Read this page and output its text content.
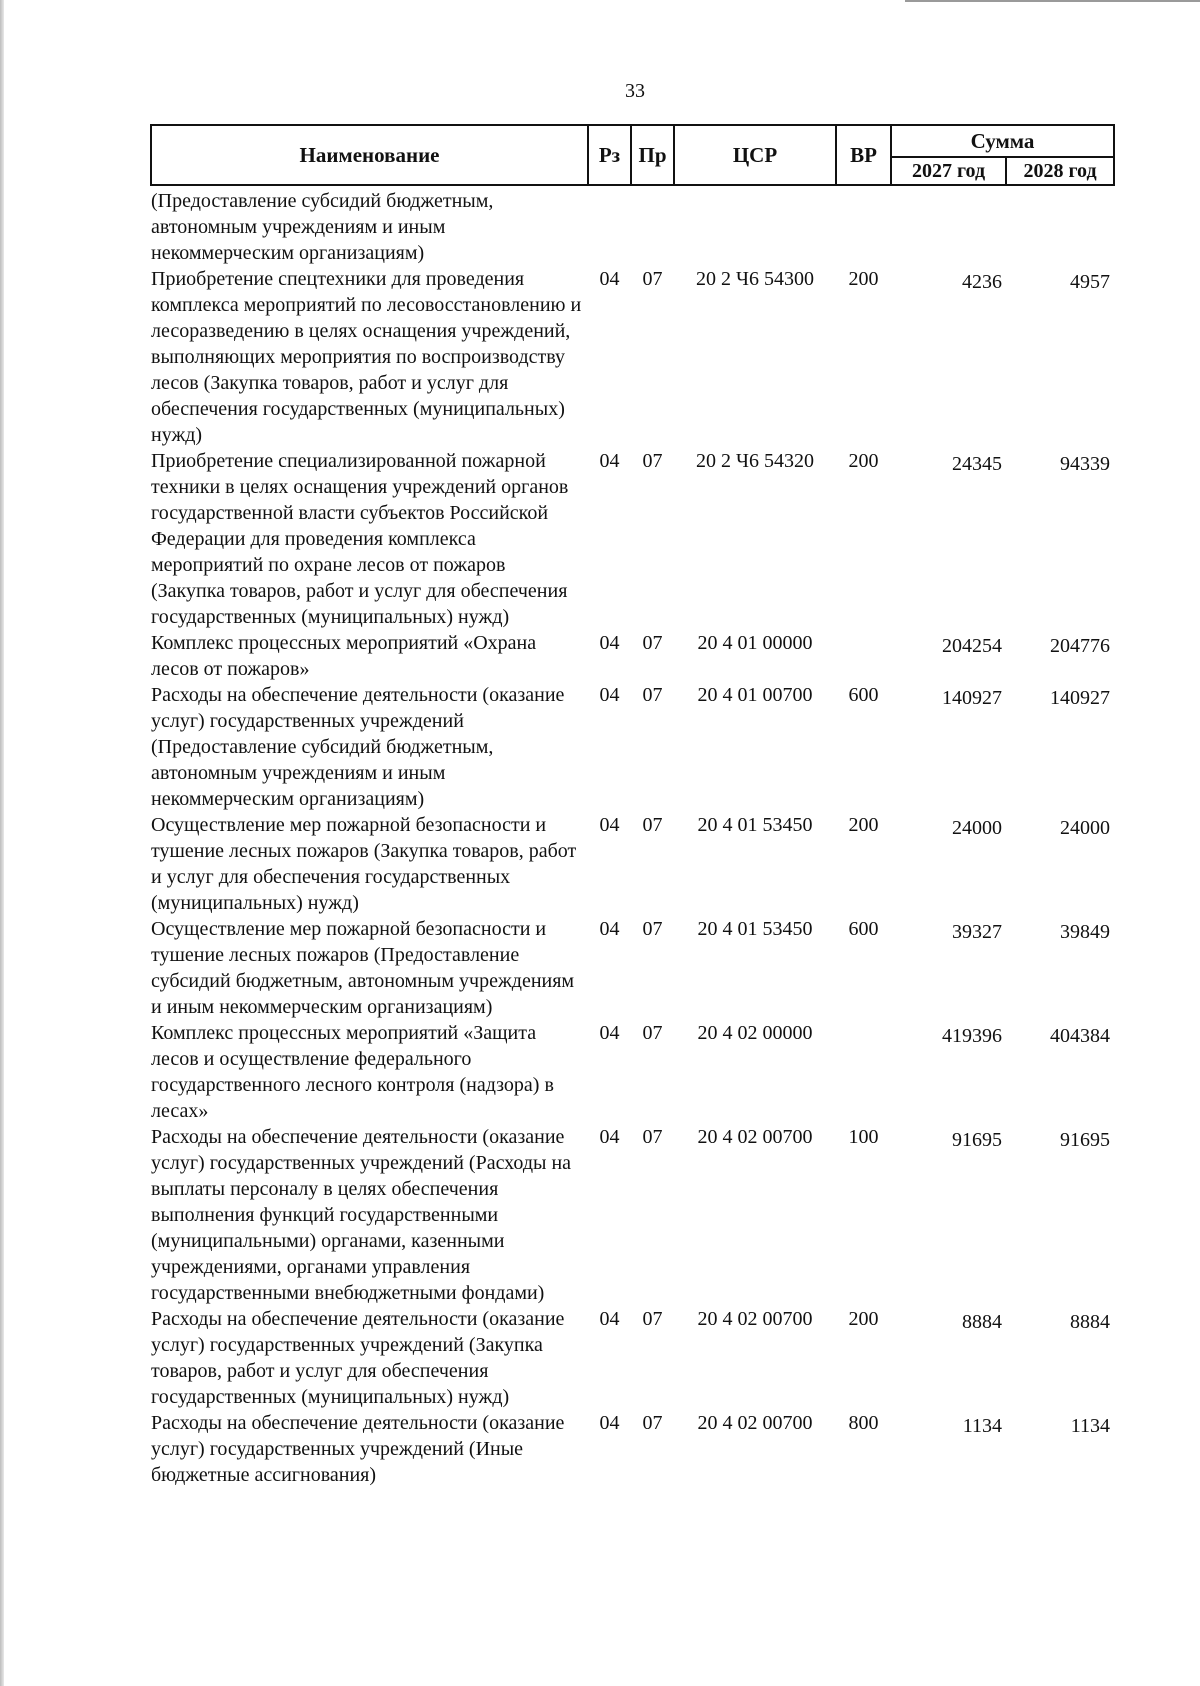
33
Наименование	Рз	Пр	ЦСР	ВР	Сумма	
					2027 год	2028 год
(Предоставление субсидий бюджетным, автономным учреждениям и иным некоммерческим организациям)						
Приобретение спецтехники для проведения комплекса мероприятий по лесовосстановлению и лесоразведению в целях оснащения учреждений, выполняющих мероприятия по воспроизводству лесов (Закупка товаров, работ и услуг для обеспечения государственных (муниципальных) нужд)	04	07	20 2 Ч6 54300	200	4236	4957
Приобретение специализированной пожарной техники в целях оснащения учреждений органов государственной власти субъектов Российской Федерации для проведения комплекса мероприятий по охране лесов от пожаров (Закупка товаров, работ и услуг для обеспечения государственных (муниципальных) нужд)	04	07	20 2 Ч6 54320	200	24345	94339
Комплекс процессных мероприятий «Охрана лесов от пожаров»	04	07	20 4 01 00000		204254	204776
Расходы на обеспечение деятельности (оказание услуг) государственных учреждений (Предоставление субсидий бюджетным, автономным учреждениям и иным некоммерческим организациям)	04	07	20 4 01 00700	600	140927	140927
Осуществление мер пожарной безопасности и тушение лесных пожаров (Закупка товаров, работ и услуг для обеспечения государственных (муниципальных) нужд)	04	07	20 4 01 53450	200	24000	24000
Осуществление мер пожарной безопасности и тушение лесных пожаров (Предоставление субсидий бюджетным, автономным учреждениям и иным некоммерческим организациям)	04	07	20 4 01 53450	600	39327	39849
Комплекс процессных мероприятий «Защита лесов и осуществление федерального государственного лесного контроля (надзора) в лесах»	04	07	20 4 02 00000		419396	404384
Расходы на обеспечение деятельности (оказание услуг) государственных учреждений (Расходы на выплаты персоналу в целях обеспечения выполнения функций государственными (муниципальными) органами, казенными учреждениями, органами управления государственными внебюджетными фондами)	04	07	20 4 02 00700	100	91695	91695
Расходы на обеспечение деятельности (оказание услуг) государственных учреждений (Закупка товаров, работ и услуг для обеспечения государственных (муниципальных) нужд)	04	07	20 4 02 00700	200	8884	8884
Расходы на обеспечение деятельности (оказание услуг) государственных учреждений (Иные бюджетные ассигнования)	04	07	20 4 02 00700	800	1134	1134
